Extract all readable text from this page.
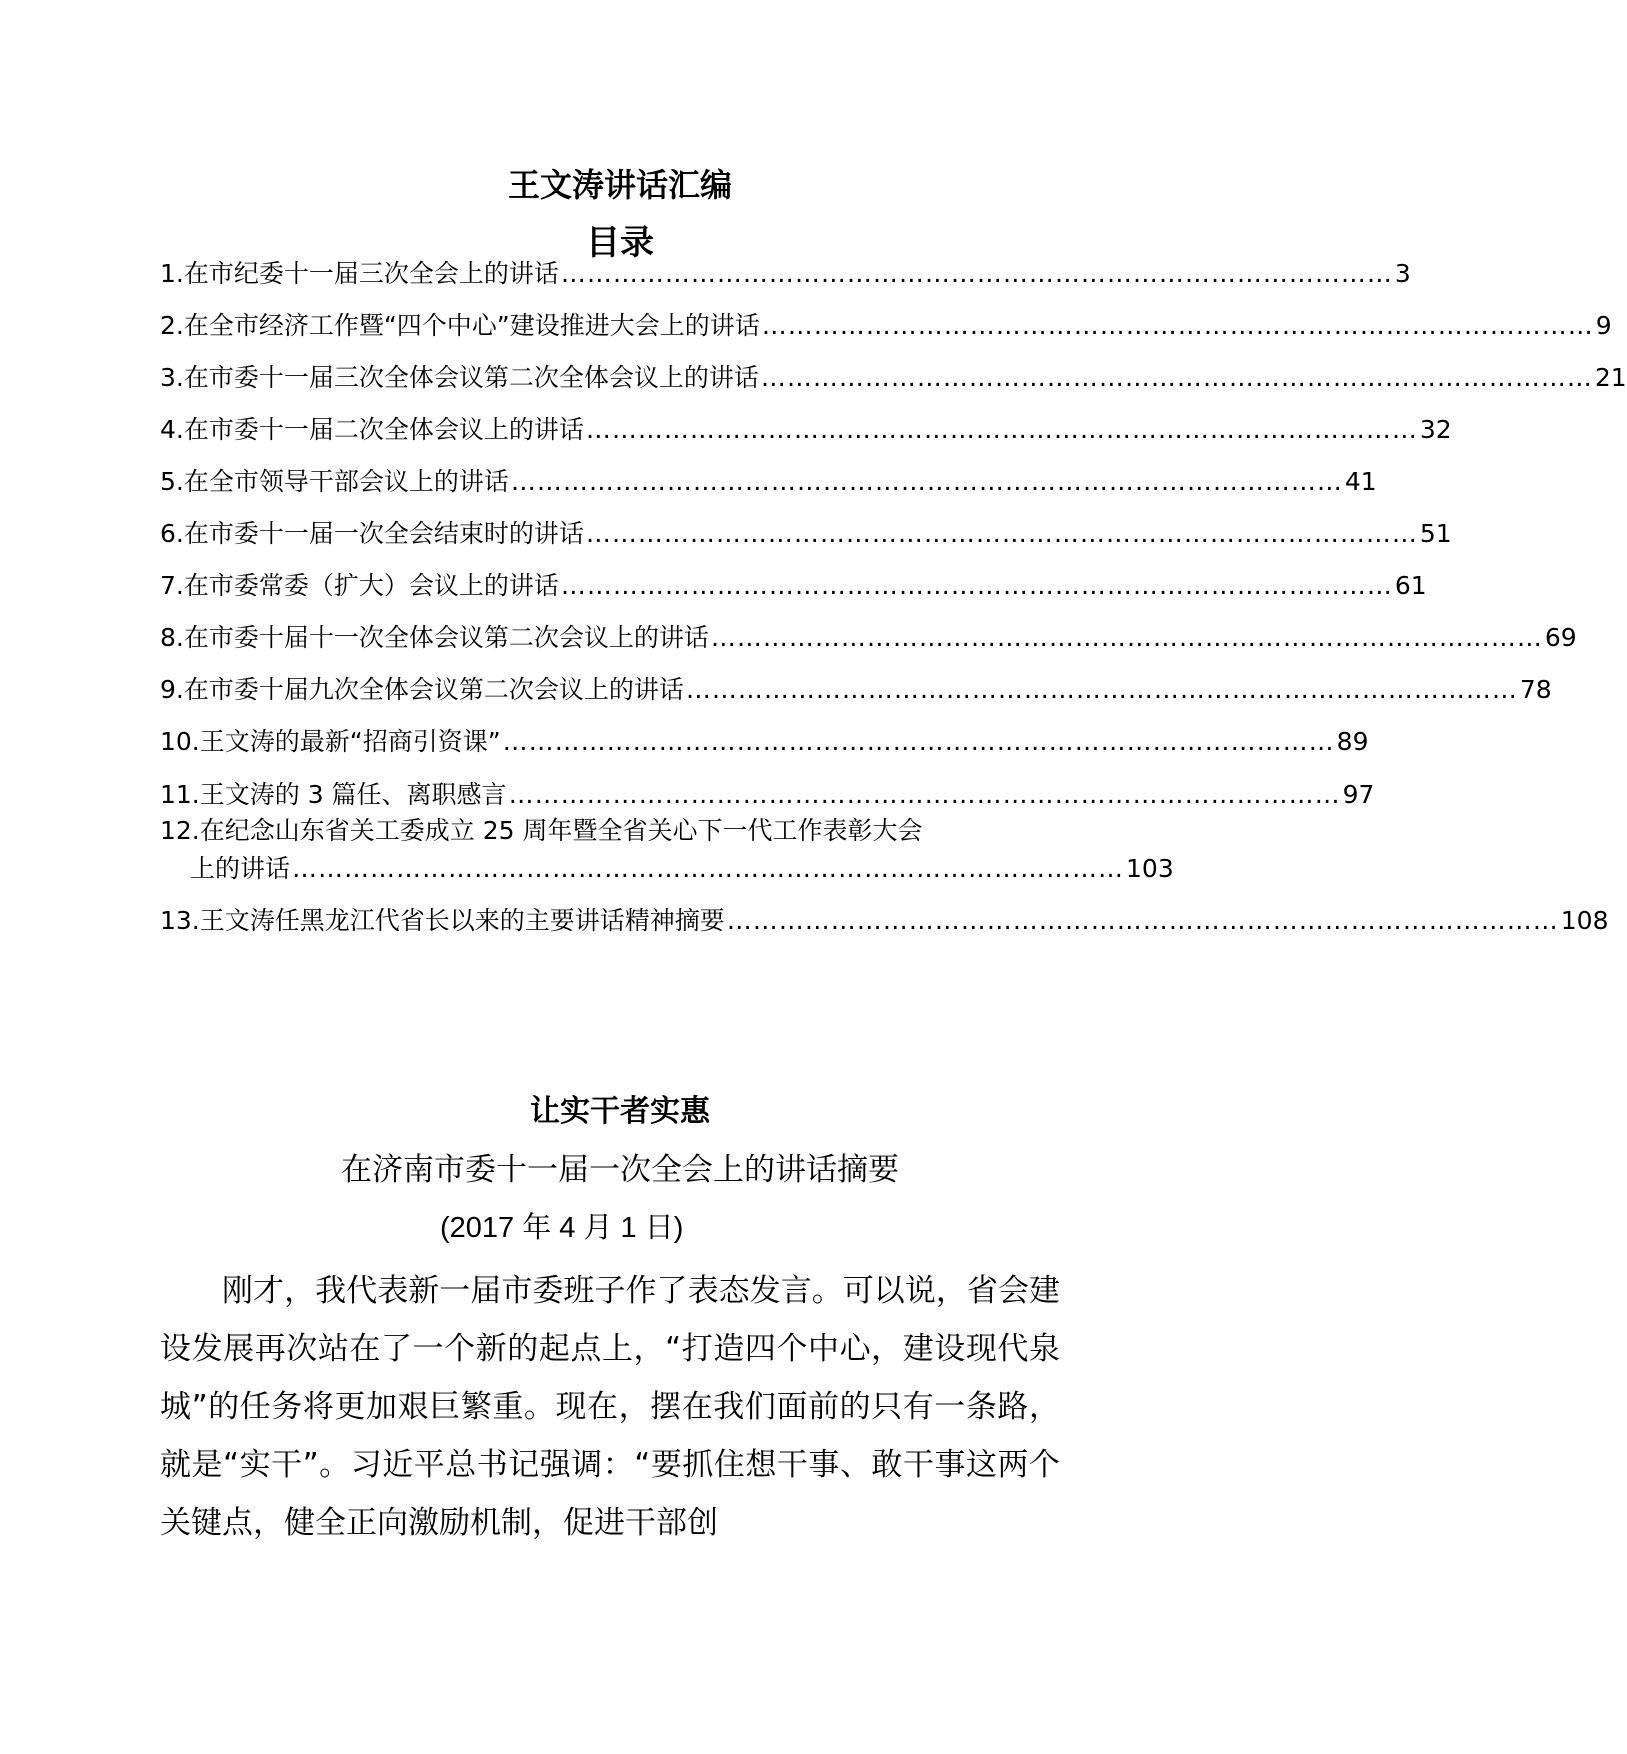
王文涛讲话汇编
目录
1.在市纪委十一届三次全会上的讲话 …………………………………………………………………………………… 3
2.在全市经济工作暨“四个中心”建设推进大会上的讲话 …………………………………………………………………………………… 9
3.在市委十一届三次全体会议第二次全体会议上的讲话 …………………………………………………………………………………… 21
4.在市委十一届二次全体会议上的讲话 …………………………………………………………………………………… 32
5.在全市领导干部会议上的讲话 …………………………………………………………………………………… 41
6.在市委十一届一次全会结束时的讲话 …………………………………………………………………………………… 51
7.在市委常委（扩大）会议上的讲话 …………………………………………………………………………………… 61
8.在市委十届十一次全体会议第二次会议上的讲话 …………………………………………………………………………………… 69
9.在市委十届九次全体会议第二次会议上的讲话 …………………………………………………………………………………… 78
10.王文涛的最新“招商引资课” …………………………………………………………………………………… 89
11.王文涛的 3 篇任、离职感言 …………………………………………………………………………………… 97
12.在纪念山东省关工委成立 25 周年暨全省关心下一代工作表彰大会
上的讲话 …………………………………………………………………………………… 103
13.王文涛任黑龙江代省长以来的主要讲话精神摘要 …………………………………………………………………………………… 108
让实干者实惠

在济南市委十一届一次全会上的讲话摘要

(2017 年 4 月 1 日)

刚才，我代表新一届市委班子作了表态发言。可以说，省会建设发展再次站在了一个新的起点上，“打造四个中心，建设现代泉城”的任务将更加艰巨繁重。现在，摆在我们面前的只有一条路，就是“实干”。习近平总书记强调：“要抓住想干事、敢干事这两个关键点，健全正向激励机制，促进干部创
